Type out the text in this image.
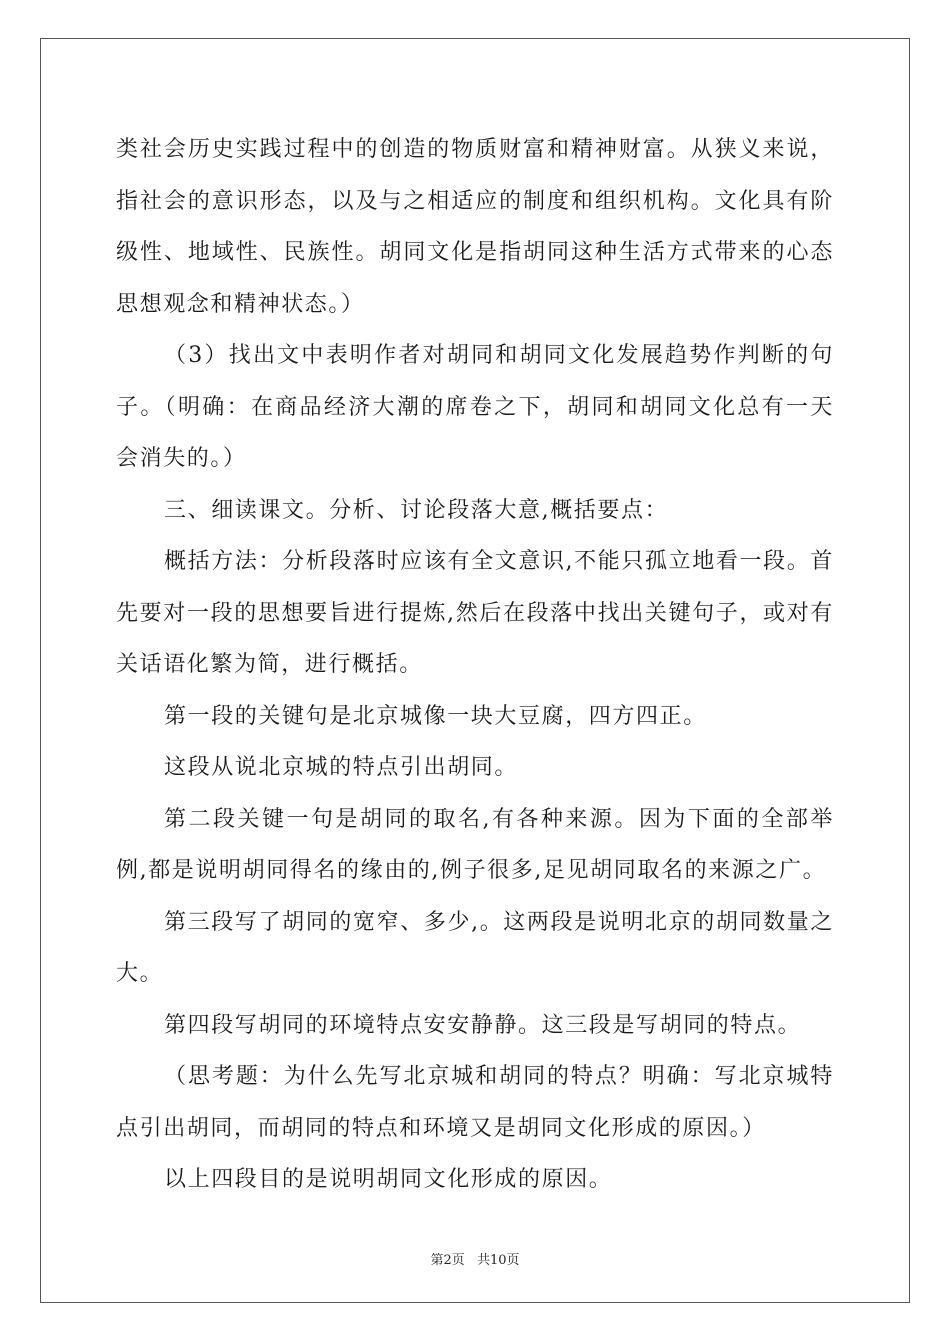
类社会历史实践过程中的创造的物质财富和精神财富。从狭义来说，指社会的意识形态，以及与之相适应的制度和组织机构。文化具有阶级性、地域性、民族性。胡同文化是指胡同这种生活方式带来的心态思想观念和精神状态。）

（3）找出文中表明作者对胡同和胡同文化发展趋势作判断的句子。（明确：在商品经济大潮的席卷之下，胡同和胡同文化总有一天会消失的。）

三、细读课文。分析、讨论段落大意,概括要点：

概括方法：分析段落时应该有全文意识,不能只孤立地看一段。首先要对一段的思想要旨进行提炼,然后在段落中找出关键句子，或对有关话语化繁为简，进行概括。

第一段的关键句是北京城像一块大豆腐，四方四正。

这段从说北京城的特点引出胡同。

第二段关键一句是胡同的取名,有各种来源。因为下面的全部举例,都是说明胡同得名的缘由的,例子很多,足见胡同取名的来源之广。

第三段写了胡同的宽窄、多少,。这两段是说明北京的胡同数量之大。

第四段写胡同的环境特点安安静静。这三段是写胡同的特点。

（思考题：为什么先写北京城和胡同的特点？明确：写北京城特点引出胡同，而胡同的特点和环境又是胡同文化形成的原因。）

以上四段目的是说明胡同文化形成的原因。

第2页 共10页
